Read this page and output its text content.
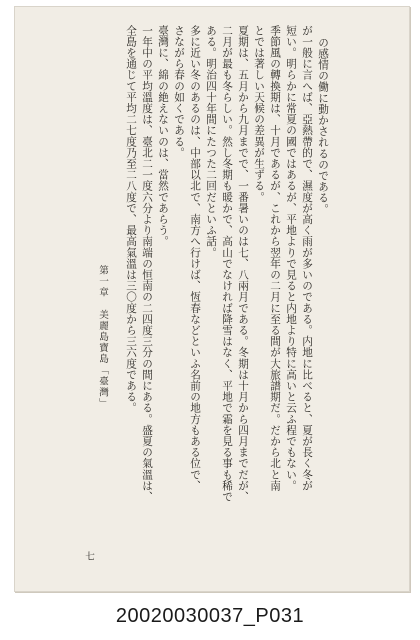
の感情の働に動かされるのである。
が一般に言へば、亞熱帶的で、濕度が高く雨が多いのである。内地に比べると、夏が長く冬が
短い。明らかに常夏の國ではあるが、平地よりで見ると内地より特に高いと云ふ程でもない。
季節風の轉換期は、十月であるが、これから翌年の二月に至る間が大旅譜期だ。だから北と南
とでは著しい天候の差異が生ずる。
夏期は、五月から九月までで、一番暑いのは七、八兩月である。冬期は十月から四月までだが、
二月が最も冬らしい。然し冬期も暖かで、高山でなければ降雪はなく、平地で霜を見る事も稀で
ある。明治四十年間にたつた二回だといふ話。
多に近い冬のあるのは、中部以北で、南方へ行けば、恆春などといふ名前の地方もある位で、
さながら春の如くである。
臺灣に、綿の絶えないのは、當然であらう。
一年中の平均溫度は、臺北二一度六分より南端の恒南の二四度三分の間にある。盛夏の氣溫は、
全島を通じて平均二七度乃至二八度で、最高氣溫は三〇度から三六度である。
第一章　美麗島寶島「臺灣」
七
20020030037_P031
